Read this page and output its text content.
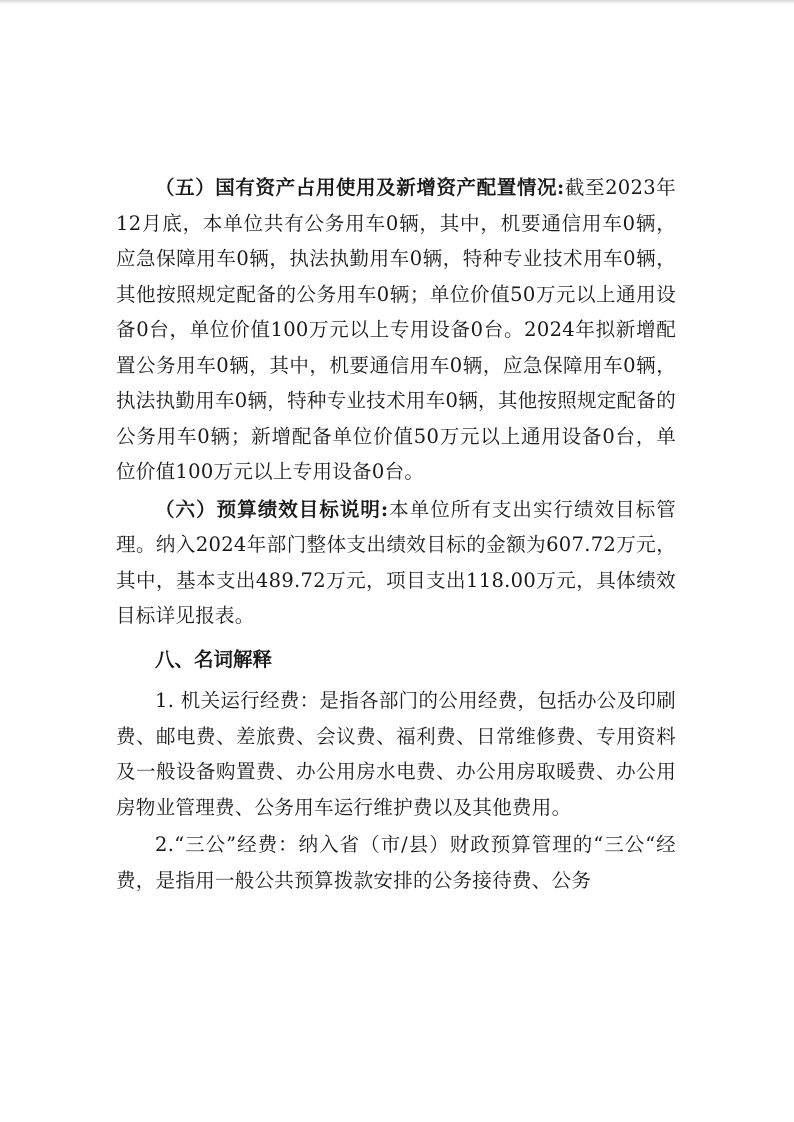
（五）国有资产占用使用及新增资产配置情况:截至2023年12月底，本单位共有公务用车0辆，其中，机要通信用车0辆，应急保障用车0辆，执法执勤用车0辆，特种专业技术用车0辆，其他按照规定配备的公务用车0辆；单位价值50万元以上通用设备0台，单位价值100万元以上专用设备0台。2024年拟新增配置公务用车0辆，其中，机要通信用车0辆，应急保障用车0辆，执法执勤用车0辆，特种专业技术用车0辆，其他按照规定配备的公务用车0辆；新增配备单位价值50万元以上通用设备0台，单位价值100万元以上专用设备0台。

（六）预算绩效目标说明:本单位所有支出实行绩效目标管理。纳入2024年部门整体支出绩效目标的金额为607.72万元，其中，基本支出489.72万元，项目支出118.00万元，具体绩效目标详见报表。

八、名词解释

1. 机关运行经费：是指各部门的公用经费，包括办公及印刷费、邮电费、差旅费、会议费、福利费、日常维修费、专用资料及一般设备购置费、办公用房水电费、办公用房取暖费、办公用房物业管理费、公务用车运行维护费以及其他费用。

2.“三公”经费：纳入省（市/县）财政预算管理的“三公“经费，是指用一般公共预算拨款安排的公务接待费、公务
